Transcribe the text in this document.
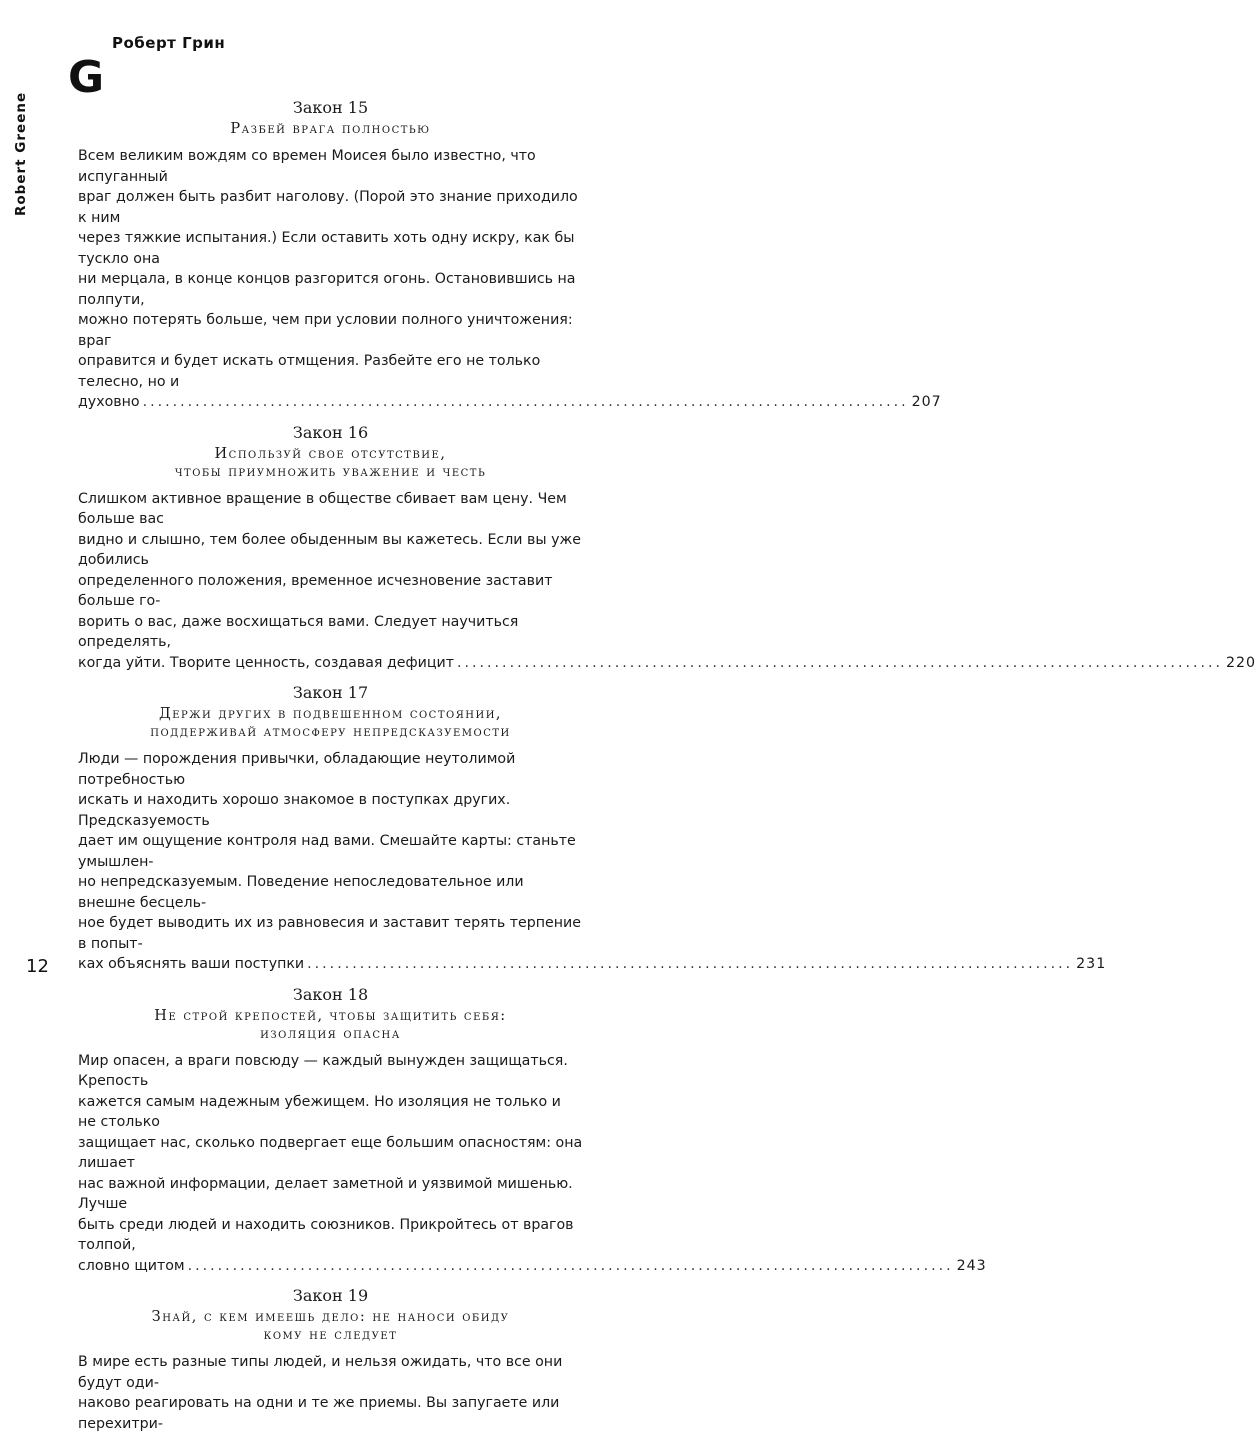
Роберт Грин
G
Robert Greene	Закон 15

Разбей врага полностью

Всем великим вождям со времен Моисея было известно, что испуганный
враг должен быть разбит наголову. (Порой это знание приходило к ним
через тяжкие испытания.) Если оставить хоть одну искру, как бы тускло она
ни мерцала, в конце концов разгорится огонь. Остановившись на полпути,
можно потерять больше, чем при условии полного уничтожения: враг
оправится и будет искать отмщения. Разбейте его не только телесно, но и
духовно ...................................................................................................... 207

Закон 16

Используй свое отсутствие,
чтобы приумножить уважение и честь
Слишком активное вращение в обществе сбивает вам цену. Чем больше вас
видно и слышно, тем более обыденным вы кажетесь. Если вы уже добились
определенного положения, временное исчезновение заставит больше го-
ворить о вас, даже восхищаться вами. Следует научиться определять,
когда уйти. Творите ценность, создавая дефицит ...................................................................................................... 220

Закон 17

Держи других в подвешенном состоянии,
поддерживай атмосферу непредсказуемости
Люди — порождения привычки, обладающие неутолимой потребностью
искать и находить хорошо знакомое в поступках других. Предсказуемость
дает им ощущение контроля над вами. Смешайте карты: станьте умышлен-
но непредсказуемым. Поведение непоследовательное или внешне бесцель-
ное будет выводить их из равновесия и заставит терять терпение в попыт-
ках объяснять ваши поступки ...................................................................................................... 231

Закон 18

Не строй крепостей, чтобы защитить себя:
изоляция опасна
Мир опасен, а враги повсюду — каждый вынужден защищаться. Крепость
кажется самым надежным убежищем. Но изоляция не только и не столько
защищает нас, сколько подвергает еще большим опасностям: она лишает
нас важной информации, делает заметной и уязвимой мишенью. Лучше
быть среди людей и находить союзников. Прикройтесь от врагов толпой,
словно щитом ...................................................................................................... 243

Закон 19

Знай, с кем имеешь дело: не наноси обиду
кому не следует
В мире есть разные типы людей, и нельзя ожидать, что все они будут оди-
наково реагировать на одни и те же приемы. Вы запугаете или перехитри-
12
